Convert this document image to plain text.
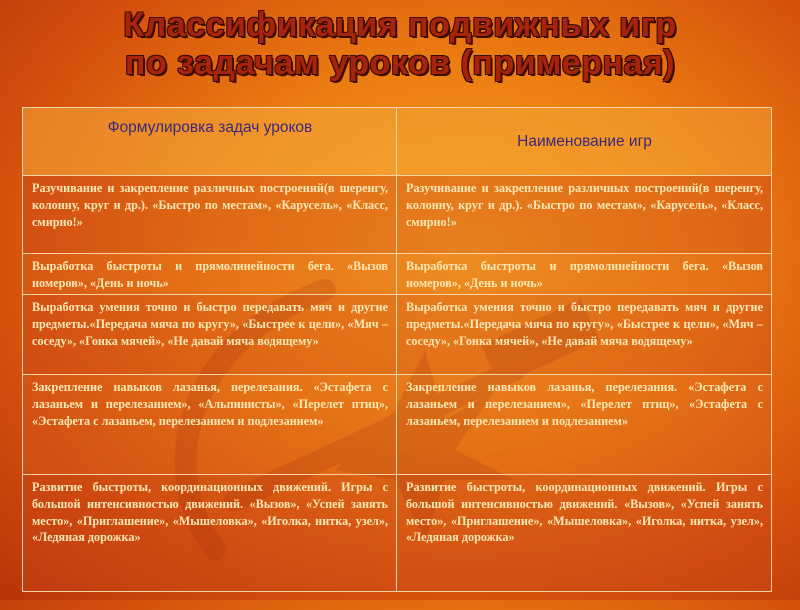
Классификация подвижных игр
по задачам уроков (примерная)
Формулировка задач уроков
Наименование игр
Разучивание и закрепление различных построений(в шеренгу, колонну, круг и др.). «Быстро по местам», «Карусель», «Класс, смирно!»
Разучивание и закрепление различных построений(в шеренгу, колонну, круг и др.). «Быстро по местам», «Карусель», «Класс, смирно!»
Выработка быстроты и прямолинейности бега. «Вызов номеров», «День и ночь»
Выработка быстроты и прямолинейности бега. «Вызов номеров», «День и ночь»
Выработка умения точно и быстро передавать мяч и другие предметы.«Передача мяча по кругу», «Быстрее к цели», «Мяч – соседу», «Гонка мячей», «Не давай мяча водящему»
Выработка умения точно и быстро передавать мяч и другие предметы.«Передача мяча по кругу», «Быстрее к цели», «Мяч – соседу», «Гонка мячей», «Не давай мяча водящему»
Закрепление навыков лазанья, перелезания. «Эстафета с лазаньем и перелезанием», «Альпинисты», «Перелет птиц», «Эстафета с лазаньем, перелезанием и подлезанием»
Закрепление навыков лазанья, перелезания. «Эстафета с лазаньем и перелезанием», «Перелет птиц», «Эстафета с лазаньем, перелезанием и подлезанием»
Развитие быстроты, координационных движений. Игры с большой интенсивностью движений. «Вызов», «Успей занять место», «Приглашение», «Мышеловка», «Иголка, нитка, узел», «Ледяная дорожка»
Развитие быстроты, координационных движений. Игры с большой интенсивностью движений. «Вызов», «Успей занять место», «Приглашение», «Мышеловка», «Иголка, нитка, узел», «Ледяная дорожка»
